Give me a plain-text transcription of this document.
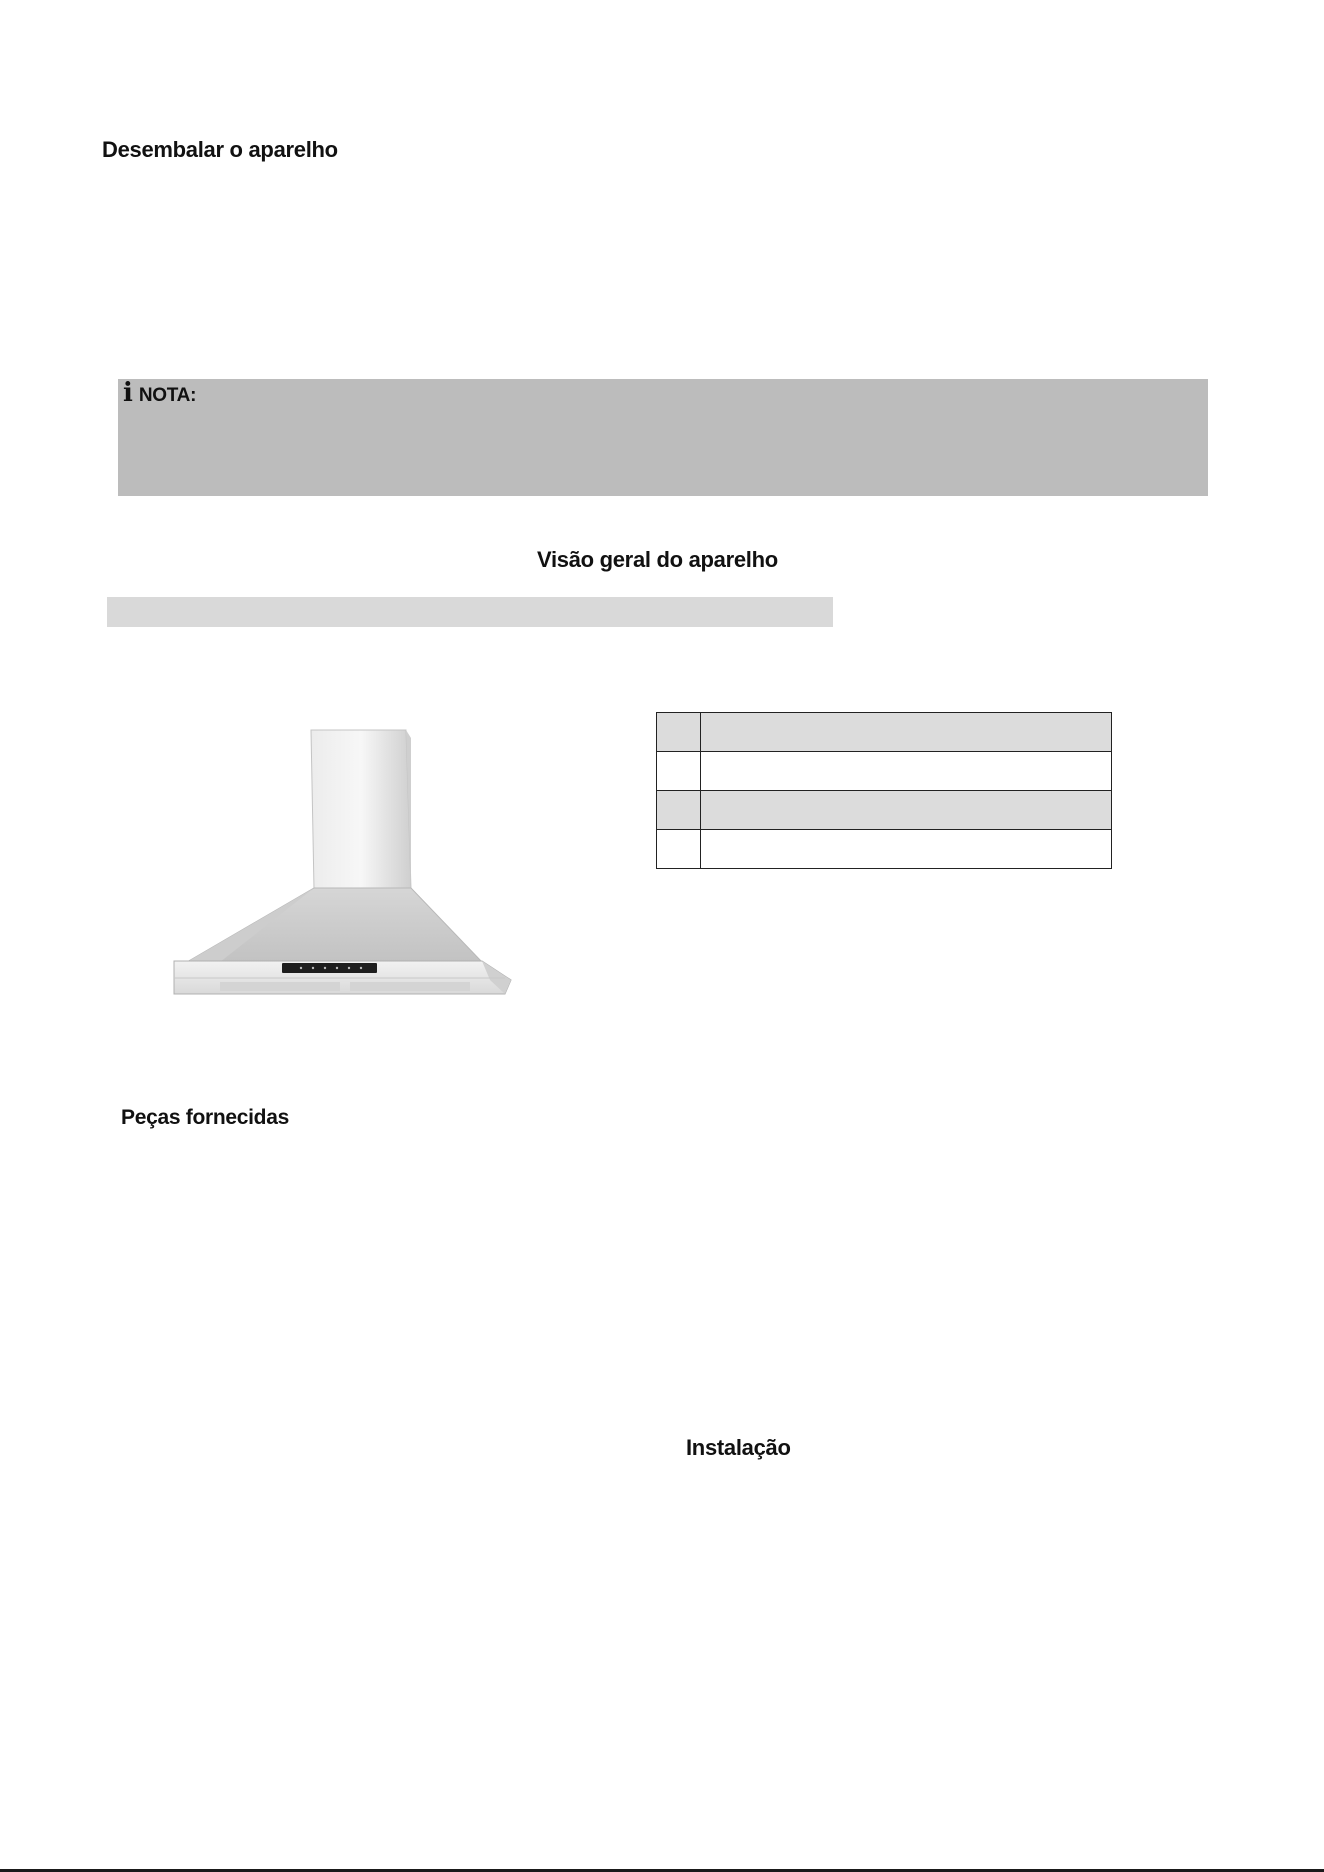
Desembalar o aparelho
i NOTA:
Visão geral do aparelho

Peças fornecidas
Instalação
